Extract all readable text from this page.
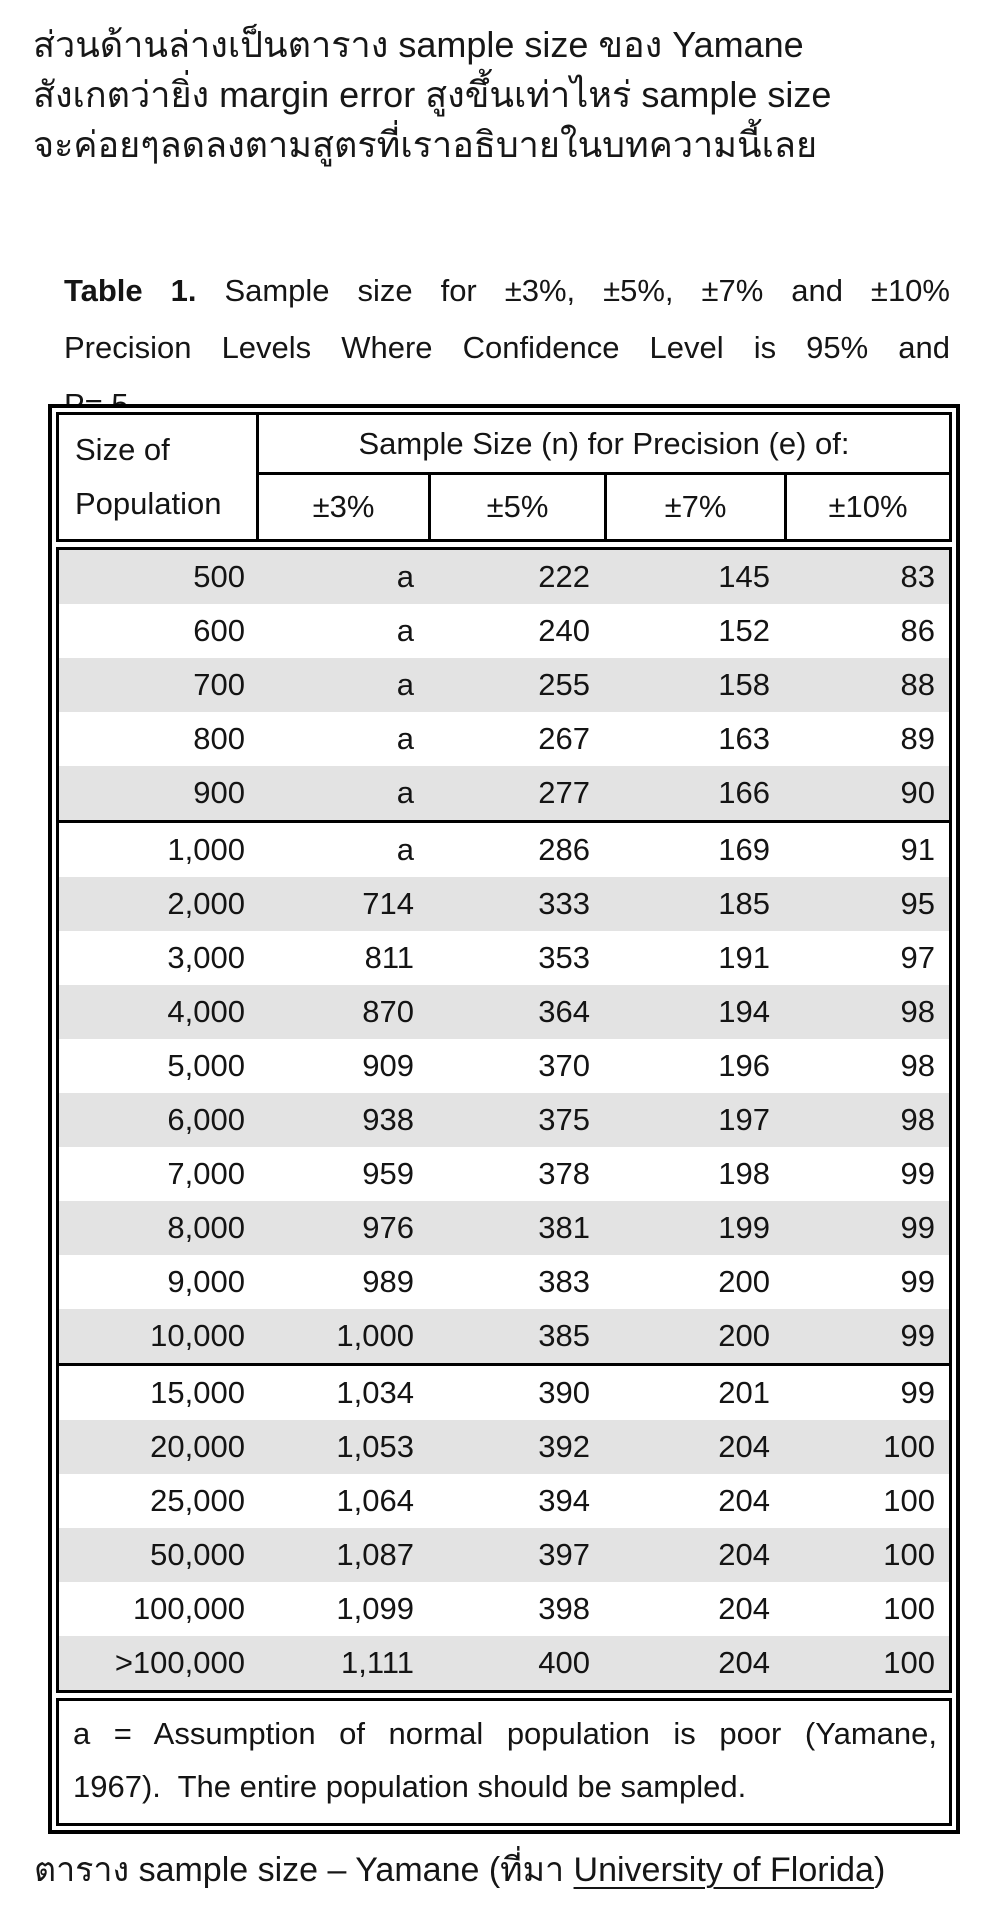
ส่วนด้านล่างเป็นตาราง sample size ของ Yamane
สังเกตว่ายิ่ง margin error สูงขึ้นเท่าไหร่ sample size
จะค่อยๆลดลงตามสูตรที่เราอธิบายในบทความนี้เลย
Table 1. Sample size for ±3%, ±5%, ±7% and ±10%
Precision Levels Where Confidence Level is 95% and
Size of
Population
Sample Size (n) for Precision (e) of:
±3%	±5%	±7%	±10%
500	a	222	145	83
600	a	240	152	86
700	a	255	158	88
800	a	267	163	89
900	a	277	166	90
1,000	a	286	169	91
2,000	714	333	185	95
3,000	811	353	191	97
4,000	870	364	194	98
5,000	909	370	196	98
6,000	938	375	197	98
7,000	959	378	198	99
8,000	976	381	199	99
9,000	989	383	200	99
10,000	1,000	385	200	99
15,000	1,034	390	201	99
20,000	1,053	392	204	100
25,000	1,064	394	204	100
50,000	1,087	397	204	100
100,000	1,099	398	204	100
>100,000	1,111	400	204	100
a = Assumption of normal population is poor (Yamane,
1967).  The entire population should be sampled.
ตาราง sample size – Yamane (ที่มา University of Florida)
